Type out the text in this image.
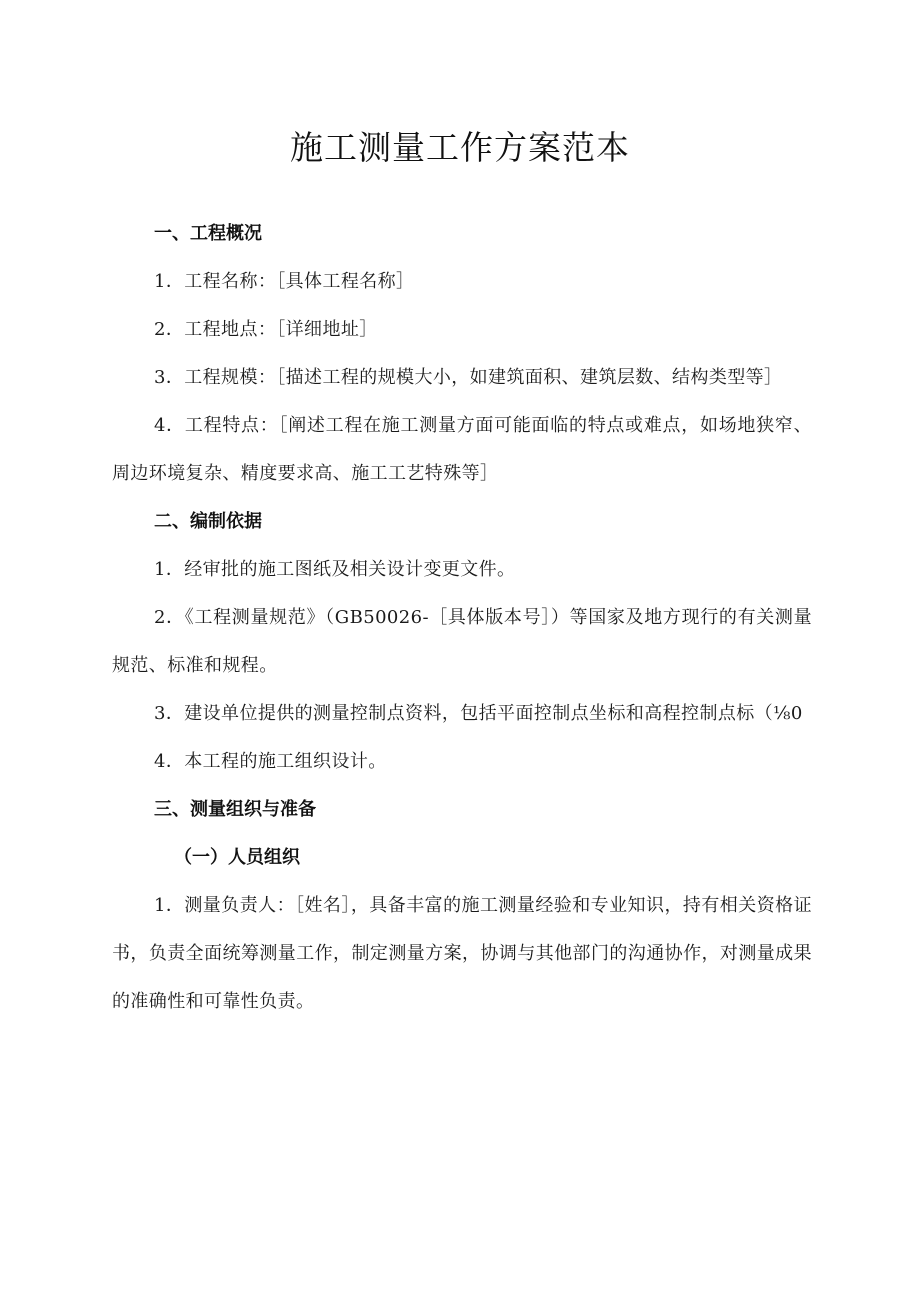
施工测量工作方案范本
一、工程概况

1．工程名称：［具体工程名称］

2．工程地点：［详细地址］

3．工程规模：［描述工程的规模大小，如建筑面积、建筑层数、结构类型等］

4．工程特点：［阐述工程在施工测量方面可能面临的特点或难点，如场地狭窄、周边环境复杂、精度要求高、施工工艺特殊等］

二、编制依据

1．经审批的施工图纸及相关设计变更文件。

2．《工程测量规范》（GB50026-［具体版本号］）等国家及地方现行的有关测量规范、标准和规程。

3．建设单位提供的测量控制点资料，包括平面控制点坐标和高程控制点标（⅛0

4．本工程的施工组织设计。

三、测量组织与准备
（一）人员组织

1．测量负责人：［姓名］，具备丰富的施工测量经验和专业知识，持有相关资格证书，负责全面统筹测量工作，制定测量方案，协调与其他部门的沟通协作，对测量成果的准确性和可靠性负责。
